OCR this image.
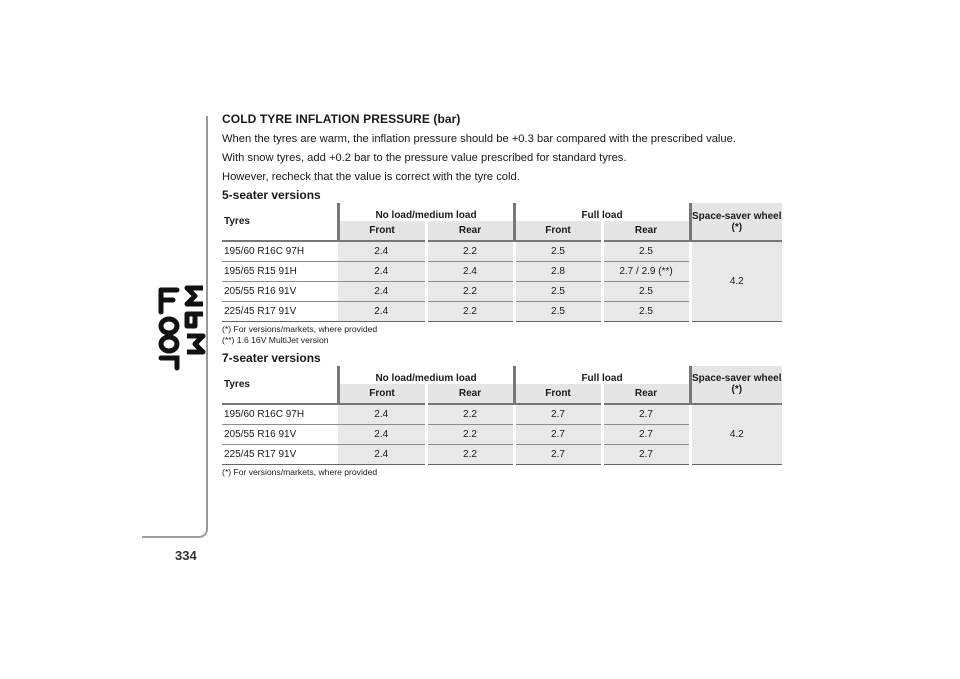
334
COLD TYRE INFLATION PRESSURE (bar)
When the tyres are warm, the inflation pressure should be +0.3 bar compared with the prescribed value.
With snow tyres, add +0.2 bar to the pressure value prescribed for standard tyres.
However, recheck that the value is correct with the tyre cold.
5-seater versions
Tyres	No load/medium load		Full load		Space-saver wheel (*)
	Front	Rear	Front	Rear	
195/60 R16C 97H	2.4	2.2	2.5	2.5	4.2
195/65 R15 91H	2.4	2.4	2.8	2.7 / 2.9 (**)	
205/55 R16 91V	2.4	2.2	2.5	2.5	
225/45 R17 91V	2.4	2.2	2.5	2.5	
(*) For versions/markets, where provided
(**) 1.6 16V MultiJet version
7-seater versions
Tyres	No load/medium load		Full load		Space-saver wheel (*)
	Front	Rear	Front	Rear	
195/60 R16C 97H	2.4	2.2	2.7	2.7	4.2
205/55 R16 91V	2.4	2.2	2.7	2.7	
225/45 R17 91V	2.4	2.2	2.7	2.7	
(*) For versions/markets, where provided
